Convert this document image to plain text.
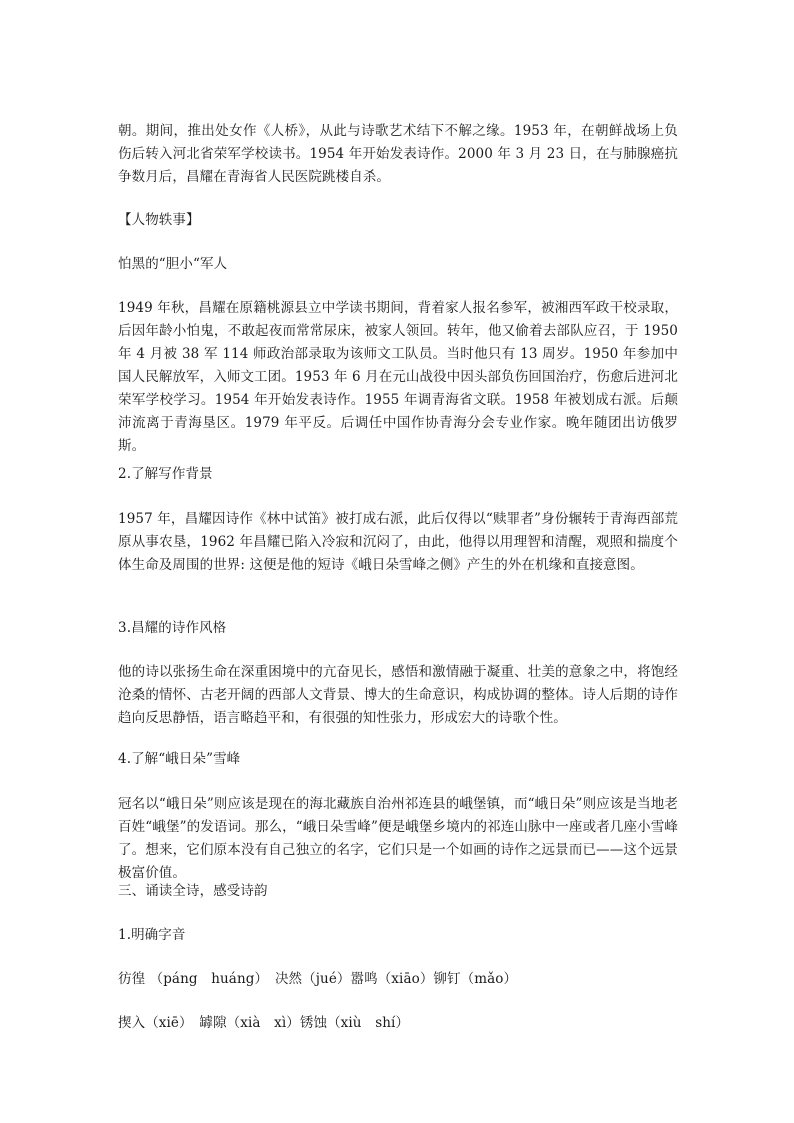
朝。期间，推出处女作《人桥》，从此与诗歌艺术结下不解之缘。1953 年，在朝鲜战场上负伤后转入河北省荣军学校读书。1954 年开始发表诗作。2000 年 3 月 23 日，在与肺腺癌抗争数月后，昌耀在青海省人民医院跳楼自杀。

【人物轶事】

怕黑的“胆小“军人

1949 年秋，昌耀在原籍桃源县立中学读书期间，背着家人报名参军，被湘西军政干校录取，后因年龄小怕鬼，不敢起夜而常常尿床，被家人领回。转年，他又偷着去部队应召，于 1950 年 4 月被 38 军 114 师政治部录取为该师文工队员。当时他只有 13 周岁。1950 年参加中国人民解放军，入师文工团。1953 年 6 月在元山战役中因头部负伤回国治疗，伤愈后进河北荣军学校学习。1954 年开始发表诗作。1955 年调青海省文联。1958 年被划成右派。后颠沛流离于青海垦区。1979 年平反。后调任中国作协青海分会专业作家。晚年随团出访俄罗斯。

2.了解写作背景

1957 年，昌耀因诗作《林中试笛》被打成右派，此后仅得以“赎罪者”身份辗转于青海西部荒原从事农垦，1962 年昌耀已陷入冷寂和沉闷了，由此，他得以用理智和清醒，观照和揣度个体生命及周围的世界: 这便是他的短诗《峨日朵雪峰之侧》产生的外在机缘和直接意图。

3.昌耀的诗作风格

他的诗以张扬生命在深重困境中的亢奋见长，感悟和激情融于凝重、壮美的意象之中，将饱经沧桑的情怀、古老开阔的西部人文背景、博大的生命意识，构成协调的整体。诗人后期的诗作趋向反思静悟，语言略趋平和，有很强的知性张力，形成宏大的诗歌个性。

4.了解“峨日朵”雪峰

冠名以“峨日朵”则应该是现在的海北藏族自治州祁连县的峨堡镇，而“峨日朵”则应该是当地老百姓“峨堡”的发语词。那么，“峨日朵雪峰”便是峨堡乡境内的祁连山脉中一座或者几座小雪峰了。想来，它们原本没有自己独立的名字，它们只是一个如画的诗作之远景而已——这个远景极富价值。

三、诵读全诗，感受诗韵

1.明确字音

彷徨 （páng　huáng）　决然（jué）嚣鸣（xiāo）铆钉（mǎo）

揳入（xiē）　罅隙（xià　xì）锈蚀（xiù　shí）
